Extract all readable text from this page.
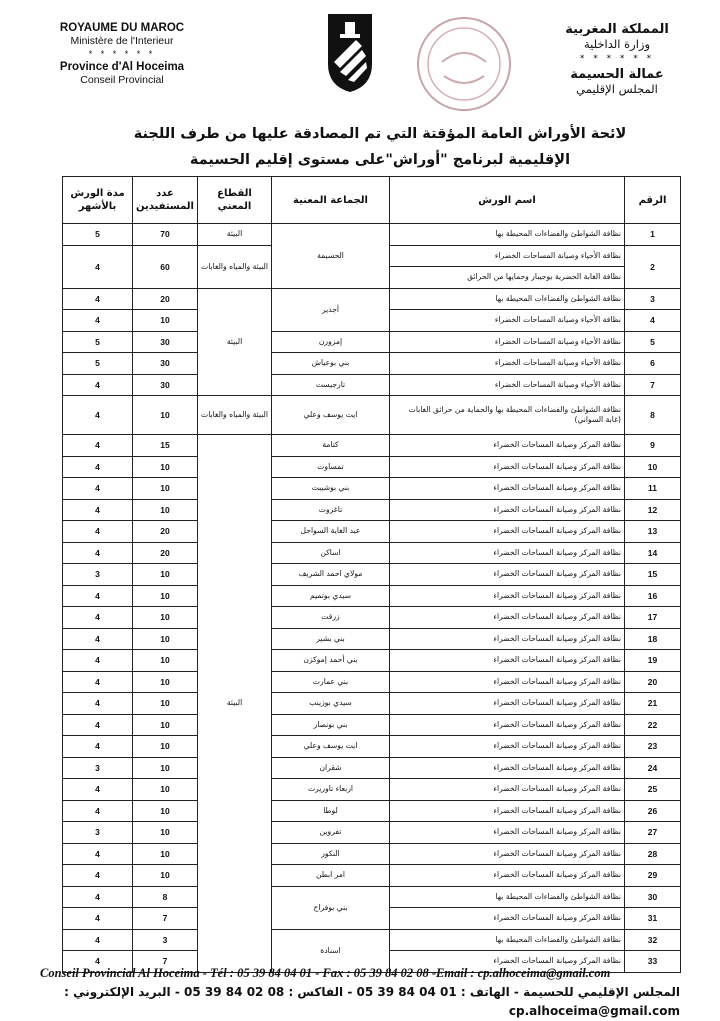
ROYAUME DU MAROC
Ministère de l'Interieur
* * * * * *
Province d'Al Hoceima
Conseil Provincial
المملكة المغربية
وزارة الداخلية
* * * * * *
عمالة الحسيمة
المجلس الإقليمي
لائحة الأوراش العامة المؤقتة التي تم المصادقة عليها من طرف اللجنة
الإقليمية لبرنامج "أوراش"على مستوى إقليم الحسيمة
الرقم	اسم الورش	الجماعة المعنية	القطاع المعني	عدد المستفيدين	مدة الورش بالأشهر
1	نظافة الشواطئ والفضاءات المحيطة بها	الحسيمة	البيئة	70	5
2	نظافة الأحياء وصيانة المساحات الخضراء		البيئة والمياه والغابات	60	4
	نظافة الغابة الحضرية بوجيبار وحمايها من الحرائق				
3	نظافة الشواطئ والفضاءات المحيطة بها	أجدير	البيئة	20	4
4	نظافة الأحياء وصيانة المساحات الخضراء			10	4
5	نظافة الأحياء وصيانة المساحات الخضراء	إمزورن		30	5
6	نظافة الأحياء وصيانة المساحات الخضراء	بني بوعياش		30	5
7	نظافة الأحياء وصيانة المساحات الخضراء	تارجيست		30	4
8	نظافة الشواطئ والفضاءات المحيطة بها والحماية من حرائق الغابات (غابة السواني)	ايت يوسف وعلي	البيئة والمياه والغابات	10	4
9	نظافة المركز وصيانة المساحات الخضراء	كتامة	البيئة	15	4
10	نظافة المركز وصيانة المساحات الخضراء	تمساوت		10	4
11	نظافة المركز وصيانة المساحات الخضراء	بني بوشيبت		10	4
12	نظافة المركز وصيانة المساحات الخضراء	تاغزوت		10	4
13	نظافة المركز وصيانة المساحات الخضراء	عبد الغاية السواحل		20	4
14	نظافة المركز وصيانة المساحات الخضراء	اساكن		20	4
15	نظافة المركز وصيانة المساحات الخضراء	مولاي احمد الشريف		10	3
16	نظافة المركز وصيانة المساحات الخضراء	سيدي بوتميم		10	4
17	نظافة المركز وصيانة المساحات الخضراء	زرقت		10	4
18	نظافة المركز وصيانة المساحات الخضراء	بني بشير		10	4
19	نظافة المركز وصيانة المساحات الخضراء	بني أحمد إموكزن		10	4
20	نظافة المركز وصيانة المساحات الخضراء	بني عمارت		10	4
21	نظافة المركز وصيانة المساحات الخضراء	سيدي بوزينب		10	4
22	نظافة المركز وصيانة المساحات الخضراء	بني بونصار		10	4
23	نظافة المركز وصيانة المساحات الخضراء	ايت يوسف وعلي		10	4
24	نظافة المركز وصيانة المساحات الخضراء	شقران		10	3
25	نظافة المركز وصيانة المساحات الخضراء	اربعاء تاوريرت		10	4
26	نظافة المركز وصيانة المساحات الخضراء	لوطا		10	4
27	نظافة المركز وصيانة المساحات الخضراء	تفروين		10	3
28	نظافة المركز وصيانة المساحات الخضراء	النكور		10	4
29	نظافة المركز وصيانة المساحات الخضراء	امر ابطن		10	4
30	نظافة الشواطئ والفضاءات المحيطة بها	بني بوفراح		8	4
31	نظافة المركز وصيانة المساحات الخضراء			7	4
32	نظافة الشواطئ والفضاءات المحيطة بها	اسنادة		3	4
33	نظافة المركز وصيانة المساحات الخضراء			7	4
Conseil Provincial Al Hoceima - Tél : 05 39 84 04 01 - Fax : 05 39 84 02 08 -Email : cp.alhoceima@gmail.com
المجلس الإقليمي للحسيمة - الهاتف : 01 04 84 39 05 - الفاكس : 08 02 84 39 05 - البريد الإلكتروني : cp.alhoceima@gmail.com
